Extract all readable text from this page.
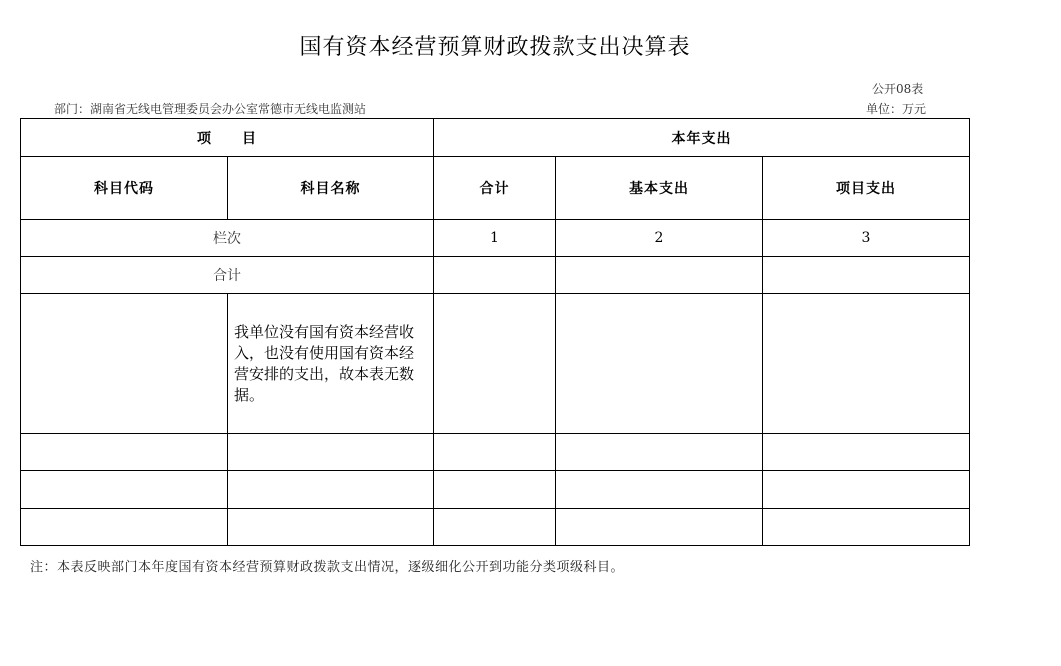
国有资本经营预算财政拨款支出决算表
公开08表
部门：湖南省无线电管理委员会办公室常德市无线电监测站	单位：万元
项　　目		本年支出		
科目代码	科目名称	合计	基本支出	项目支出
栏次		1	2	3
合计				

	我单位没有国有资本经营收入，也没有使用国有资本经营安排的支出，故本表无数据。			

注：本表反映部门本年度国有资本经营预算财政拨款支出情况，逐级细化公开到功能分类项级科目。
